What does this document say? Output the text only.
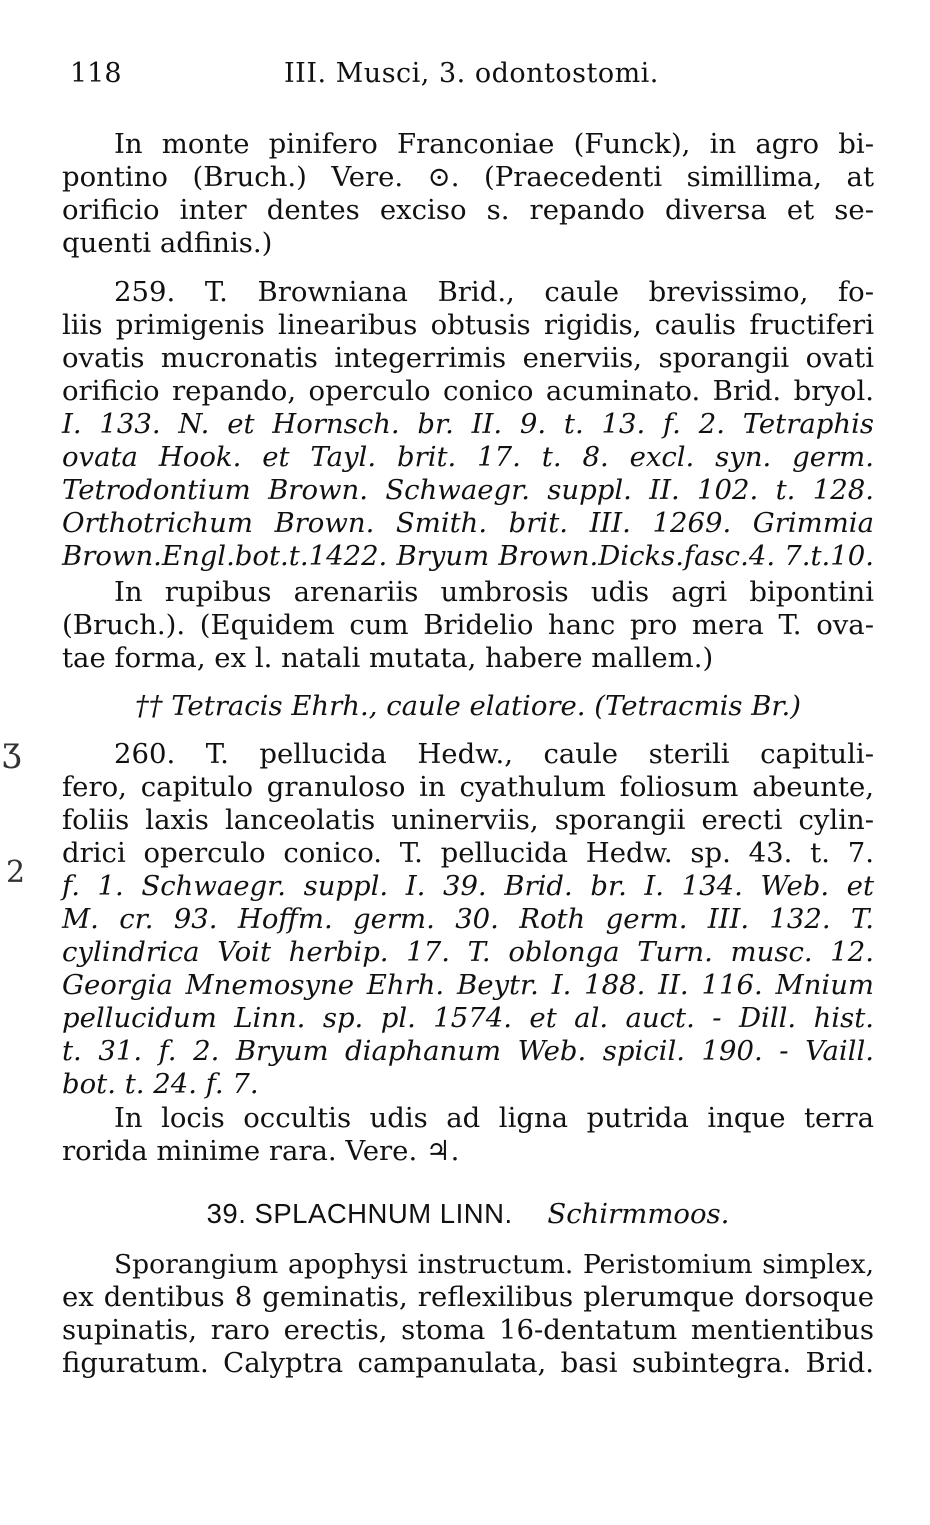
118	III. Musci, 3. odontostomi.
In monte pinifero Franconiae (Funck), in agro bi-
pontino (Bruch.) Vere. ⊙. (Praecedenti simillima, at
orificio inter dentes exciso s. repando diversa et se-
quenti adfinis.)
259. T. Browniana Brid., caule brevissimo, fo-
liis primigenis linearibus obtusis rigidis, caulis fructiferi
ovatis mucronatis integerrimis enerviis, sporangii ovati
orificio repando, operculo conico acuminato. Brid. bryol.
I. 133. N. et Hornsch. br. II. 9. t. 13. f. 2. Tetraphis
ovata Hook. et Tayl. brit. 17. t. 8. excl. syn. germ.
Tetrodontium Brown. Schwaegr. suppl. II. 102. t. 128.
Orthotrichum Brown. Smith. brit. III. 1269. Grimmia
Brown.Engl.bot.t.1422. Bryum Brown.Dicks.fasc.4. 7.t.10.
In rupibus arenariis umbrosis udis agri bipontini
(Bruch.). (Equidem cum Bridelio hanc pro mera T. ova-
tae forma, ex l. natali mutata, habere mallem.)
†† Tetracis Ehrh., caule elatiore. (Tetracmis Br.)
260. T. pellucida Hedw., caule sterili capituli-
fero, capitulo granuloso in cyathulum foliosum abeunte,
foliis laxis lanceolatis uninerviis, sporangii erecti cylin-
drici operculo conico. T. pellucida Hedw. sp. 43. t. 7.
f. 1. Schwaegr. suppl. I. 39. Brid. br. I. 134. Web. et
M. cr. 93. Hoffm. germ. 30. Roth germ. III. 132. T.
cylindrica Voit herbip. 17. T. oblonga Turn. musc. 12.
Georgia Mnemosyne Ehrh. Beytr. I. 188. II. 116. Mnium
pellucidum Linn. sp. pl. 1574. et al. auct. - Dill. hist.
t. 31. f. 2. Bryum diaphanum Web. spicil. 190. - Vaill.
bot. t. 24. f. 7.
In locis occultis udis ad ligna putrida inque terra
rorida minime rara. Vere. ♃.
39. SPLACHNUM LINN. Schirmmoos.
Sporangium apophysi instructum. Peristomium simplex,
ex dentibus 8 geminatis, reflexilibus plerumque dorsoque
supinatis, raro erectis, stoma 16-dentatum mentientibus
figuratum. Calyptra campanulata, basi subintegra. Brid.
ʒ
2
